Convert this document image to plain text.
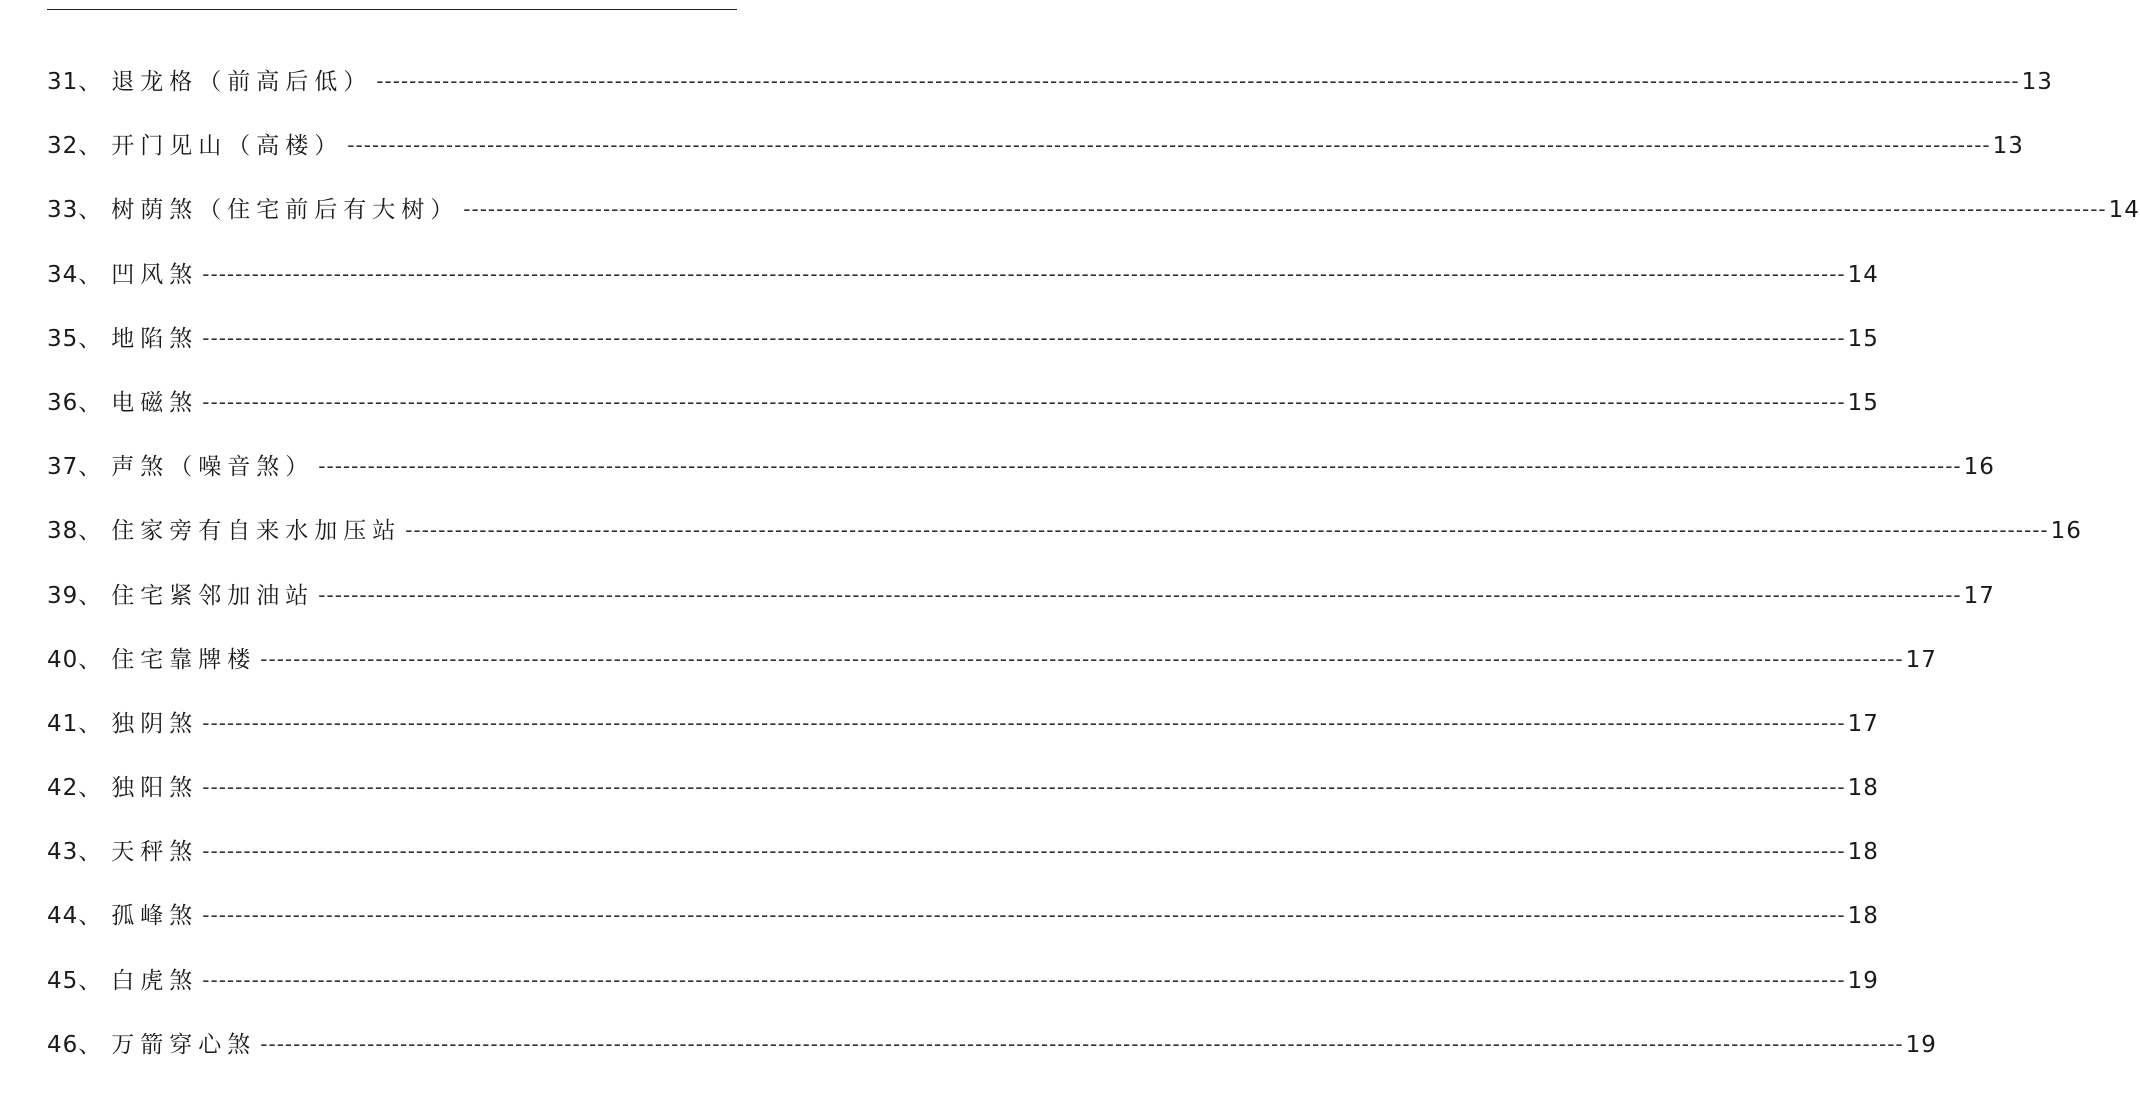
31 、 退龙格（前高后低） -------------------------------------------------------------------------------------------------------------------------------------------------------------------------------------------------------- 13
32 、 开门见山（高楼） -------------------------------------------------------------------------------------------------------------------------------------------------------------------------------------------------------- 13
33 、 树荫煞（住宅前后有大树） -------------------------------------------------------------------------------------------------------------------------------------------------------------------------------------------------------- 14
34 、 凹风煞 -------------------------------------------------------------------------------------------------------------------------------------------------------------------------------------------------------- 14
35 、 地陷煞 -------------------------------------------------------------------------------------------------------------------------------------------------------------------------------------------------------- 15
36 、 电磁煞 -------------------------------------------------------------------------------------------------------------------------------------------------------------------------------------------------------- 15
37 、 声煞（噪音煞） -------------------------------------------------------------------------------------------------------------------------------------------------------------------------------------------------------- 16
38 、 住家旁有自来水加压站 -------------------------------------------------------------------------------------------------------------------------------------------------------------------------------------------------------- 16
39 、 住宅紧邻加油站 -------------------------------------------------------------------------------------------------------------------------------------------------------------------------------------------------------- 17
40 、 住宅靠牌楼 -------------------------------------------------------------------------------------------------------------------------------------------------------------------------------------------------------- 17
41 、 独阴煞 -------------------------------------------------------------------------------------------------------------------------------------------------------------------------------------------------------- 17
42 、 独阳煞 -------------------------------------------------------------------------------------------------------------------------------------------------------------------------------------------------------- 18
43 、 天秤煞 -------------------------------------------------------------------------------------------------------------------------------------------------------------------------------------------------------- 18
44 、 孤峰煞 -------------------------------------------------------------------------------------------------------------------------------------------------------------------------------------------------------- 18
45 、 白虎煞 -------------------------------------------------------------------------------------------------------------------------------------------------------------------------------------------------------- 19
46 、 万箭穿心煞 -------------------------------------------------------------------------------------------------------------------------------------------------------------------------------------------------------- 19
